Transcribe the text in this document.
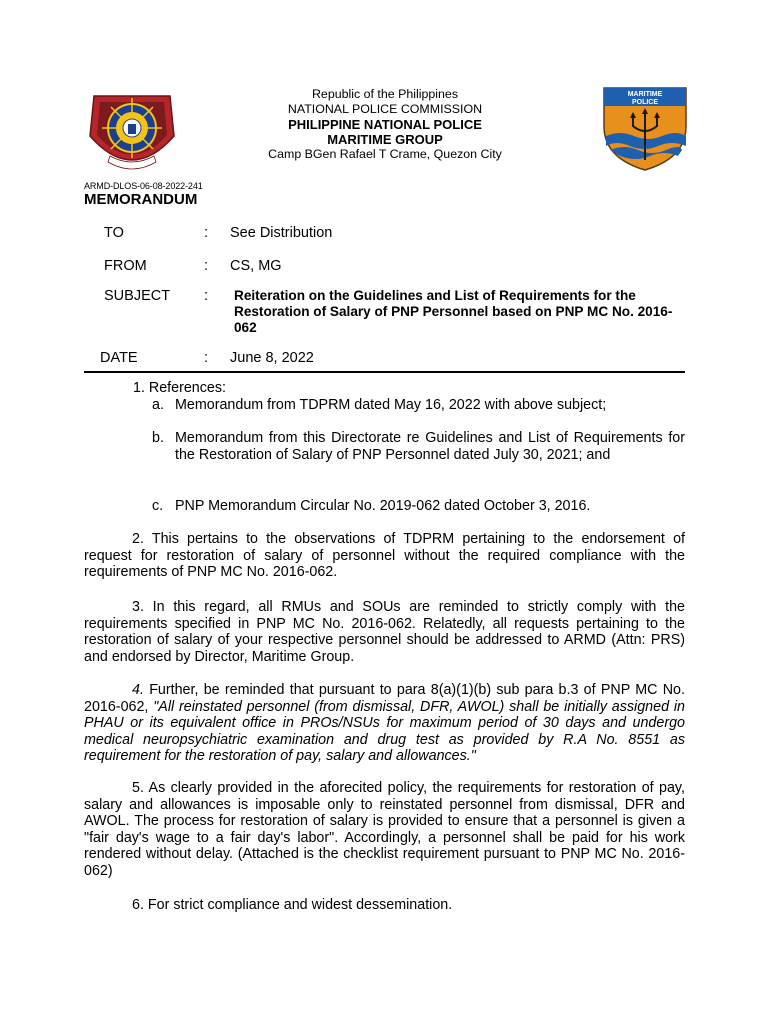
Republic of the Philippines
NATIONAL POLICE COMMISSION
PHILIPPINE NATIONAL POLICE
MARITIME GROUP
Camp BGen Rafael T Crame, Quezon City
MARITIME
POLICE
ARMD-DLOS-06-08-2022-241
MEMORANDUM
TO	: See Distribution
FROM	: CS, MG
SUBJECT : Reiteration on the Guidelines and List of Requirements for the Restoration of Salary of PNP Personnel based on PNP MC No. 2016-062
DATE	: June 8, 2022
1. References:
a. Memorandum from TDPRM dated May 16, 2022 with above subject;
b. Memorandum from this Directorate re Guidelines and List of Requirements for the Restoration of Salary of PNP Personnel dated July 30, 2021; and
c. PNP Memorandum Circular No. 2019-062 dated October 3, 2016.

2. This pertains to the observations of TDPRM pertaining to the endorsement of request for restoration of salary of personnel without the required compliance with the requirements of PNP MC No. 2016-062.

3. In this regard, all RMUs and SOUs are reminded to strictly comply with the requirements specified in PNP MC No. 2016-062. Relatedly, all requests pertaining to the restoration of salary of your respective personnel should be addressed to ARMD (Attn: PRS) and endorsed by Director, Maritime Group.

4. Further, be reminded that pursuant to para 8(a)(1)(b) sub para b.3 of PNP MC No. 2016-062, "All reinstated personnel (from dismissal, DFR, AWOL) shall be initially assigned in PHAU or its equivalent office in PROs/NSUs for maximum period of 30 days and undergo medical neuropsychiatric examination and drug test as provided by R.A No. 8551 as requirement for the restoration of pay, salary and allowances."

5. As clearly provided in the aforecited policy, the requirements for restoration of pay, salary and allowances is imposable only to reinstated personnel from dismissal, DFR and AWOL. The process for restoration of salary is provided to ensure that a personnel is given a "fair day's wage to a fair day's labor". Accordingly, a personnel shall be paid for his work rendered without delay. (Attached is the checklist requirement pursuant to PNP MC No. 2016-062)

6. For strict compliance and widest dessemination.
